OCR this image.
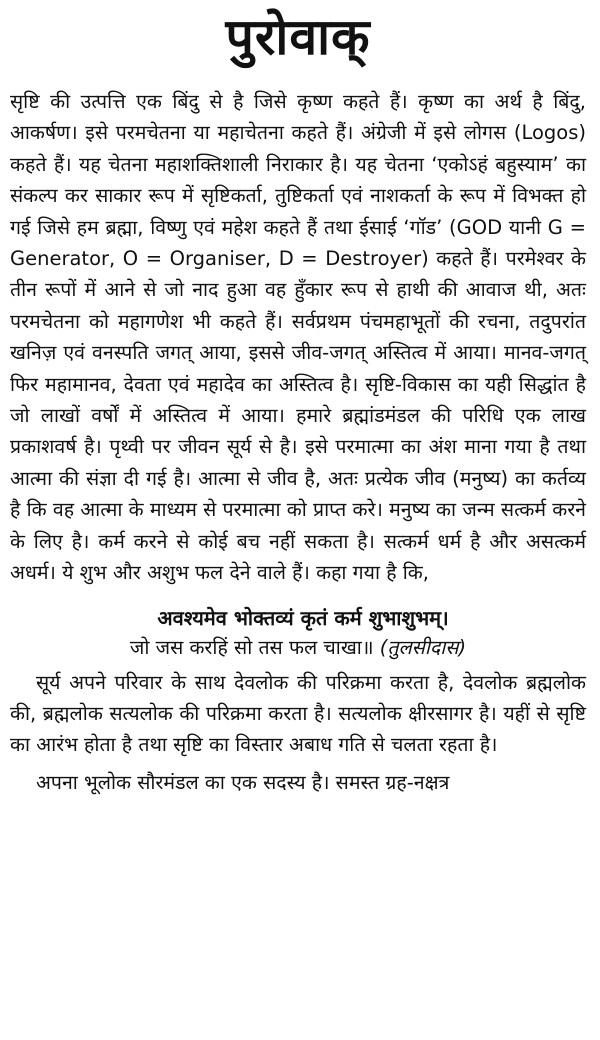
पुरोवाक्

सृष्टि की उत्पत्ति एक बिंदु से है जिसे कृष्ण कहते हैं। कृष्ण का अर्थ है बिंदु, आकर्षण। इसे परमचेतना या महाचेतना कहते हैं। अंग्रेजी में इसे लोगस (Logos) कहते हैं। यह चेतना महाशक्तिशाली निराकार है। यह चेतना ‘एकोऽहं बहुस्याम’ का संकल्प कर साकार रूप में सृष्टिकर्ता, तुष्टिकर्ता एवं नाशकर्ता के रूप में विभक्त हो गई जिसे हम ब्रह्मा, विष्णु एवं महेश कहते हैं तथा ईसाई ‘गॉड’ (GOD यानी G = Generator, O = Organiser, D = Destroyer) कहते हैं। परमेश्वर के तीन रूपों में आने से जो नाद हुआ वह हुँकार रूप से हाथी की आवाज थी, अतः परमचेतना को महागणेश भी कहते हैं। सर्वप्रथम पंचमहाभूतों की रचना, तदुपरांत खनिज़ एवं वनस्पति जगत् आया, इससे जीव-जगत् अस्तित्व में आया। मानव-जगत् फिर महामानव, देवता एवं महादेव का अस्तित्व है। सृष्टि-विकास का यही सिद्धांत है जो लाखों वर्षों में अस्तित्व में आया। हमारे ब्रह्मांडमंडल की परिधि एक लाख प्रकाशवर्ष है। पृथ्वी पर जीवन सूर्य से है। इसे परमात्मा का अंश माना गया है तथा आत्मा की संज्ञा दी गई है। आत्मा से जीव है, अतः प्रत्येक जीव (मनुष्य) का कर्तव्य है कि वह आत्मा के माध्यम से परमात्मा को प्राप्त करे। मनुष्य का जन्म सत्कर्म करने के लिए है। कर्म करने से कोई बच नहीं सकता है। सत्कर्म धर्म है और असत्कर्म अधर्म। ये शुभ और अशुभ फल देने वाले हैं। कहा गया है कि,

अवश्यमेव भोक्तव्यं कृतं कर्म शुभाशुभम्।
जो जस करहिं सो तस फल चाखा॥ (तुलसीदास)

सूर्य अपने परिवार के साथ देवलोक की परिक्रमा करता है, देवलोक ब्रह्मलोक की, ब्रह्मलोक सत्यलोक की परिक्रमा करता है। सत्यलोक क्षीरसागर है। यहीं से सृष्टि का आरंभ होता है तथा सृष्टि का विस्तार अबाध गति से चलता रहता है।

अपना भूलोक सौरमंडल का एक सदस्य है। समस्त ग्रह-नक्षत्र
